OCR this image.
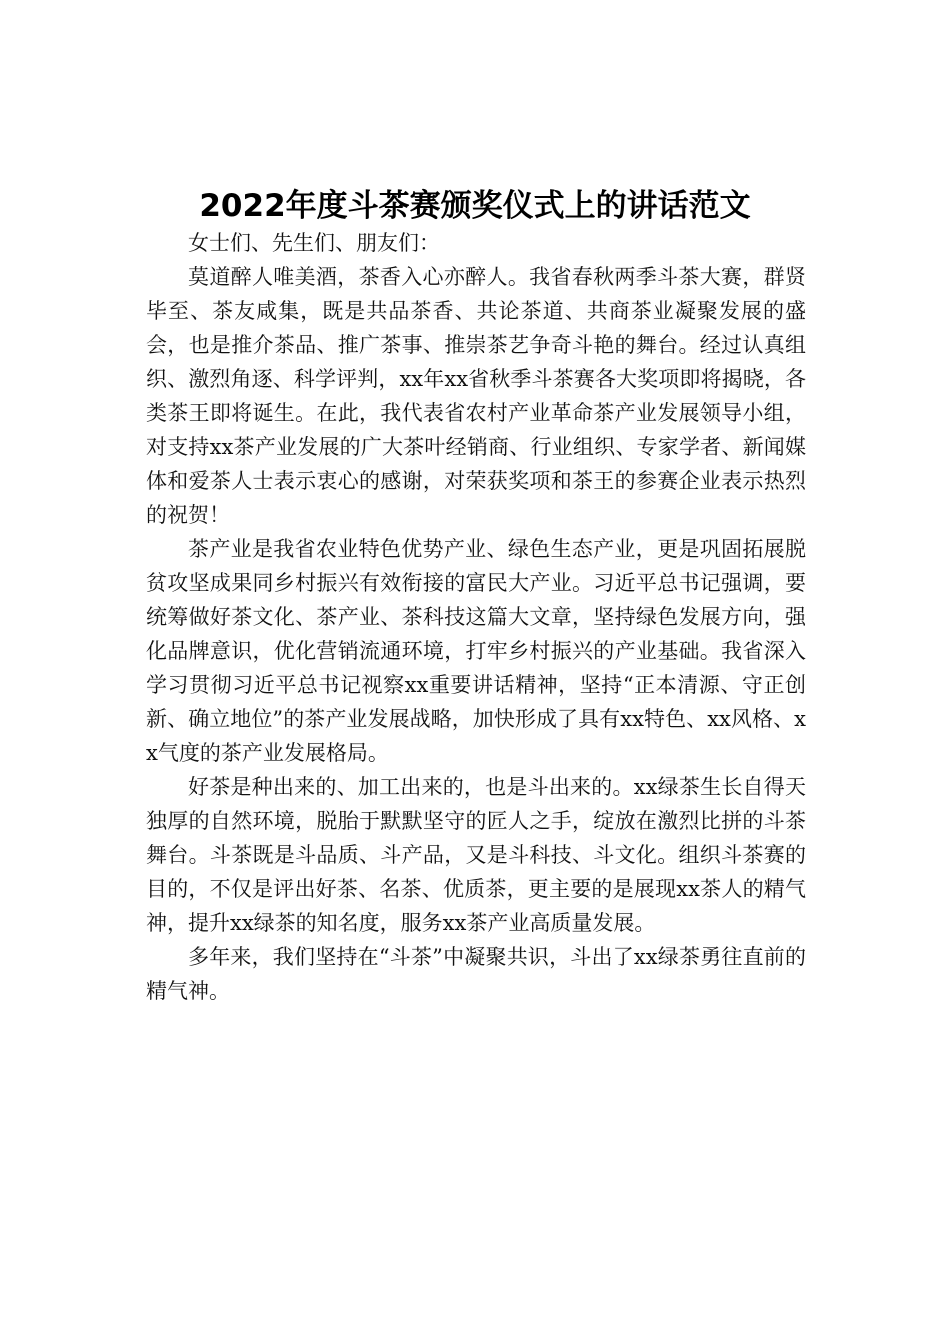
2022年度斗茶赛颁奖仪式上的讲话范文

女士们、先生们、朋友们：

莫道醉人唯美酒，茶香入心亦醉人。我省春秋两季斗茶大赛，群贤毕至、茶友咸集，既是共品茶香、共论茶道、共商茶业凝聚发展的盛会，也是推介茶品、推广茶事、推崇茶艺争奇斗艳的舞台。经过认真组织、激烈角逐、科学评判，xx年xx省秋季斗茶赛各大奖项即将揭晓，各类茶王即将诞生。在此，我代表省农村产业革命茶产业发展领导小组，对支持xx茶产业发展的广大茶叶经销商、行业组织、专家学者、新闻媒体和爱茶人士表示衷心的感谢，对荣获奖项和茶王的参赛企业表示热烈的祝贺！

茶产业是我省农业特色优势产业、绿色生态产业，更是巩固拓展脱贫攻坚成果同乡村振兴有效衔接的富民大产业。习近平总书记强调，要统筹做好茶文化、茶产业、茶科技这篇大文章，坚持绿色发展方向，强化品牌意识，优化营销流通环境，打牢乡村振兴的产业基础。我省深入学习贯彻习近平总书记视察xx重要讲话精神，坚持“正本清源、守正创新、确立地位”的茶产业发展战略，加快形成了具有xx特色、xx风格、xx气度的茶产业发展格局。

好茶是种出来的、加工出来的，也是斗出来的。xx绿茶生长自得天独厚的自然环境，脱胎于默默坚守的匠人之手，绽放在激烈比拼的斗茶舞台。斗茶既是斗品质、斗产品，又是斗科技、斗文化。组织斗茶赛的目的，不仅是评出好茶、名茶、优质茶，更主要的是展现xx茶人的精气神，提升xx绿茶的知名度，服务xx茶产业高质量发展。

多年来，我们坚持在“斗茶”中凝聚共识，斗出了xx绿茶勇往直前的精气神。
